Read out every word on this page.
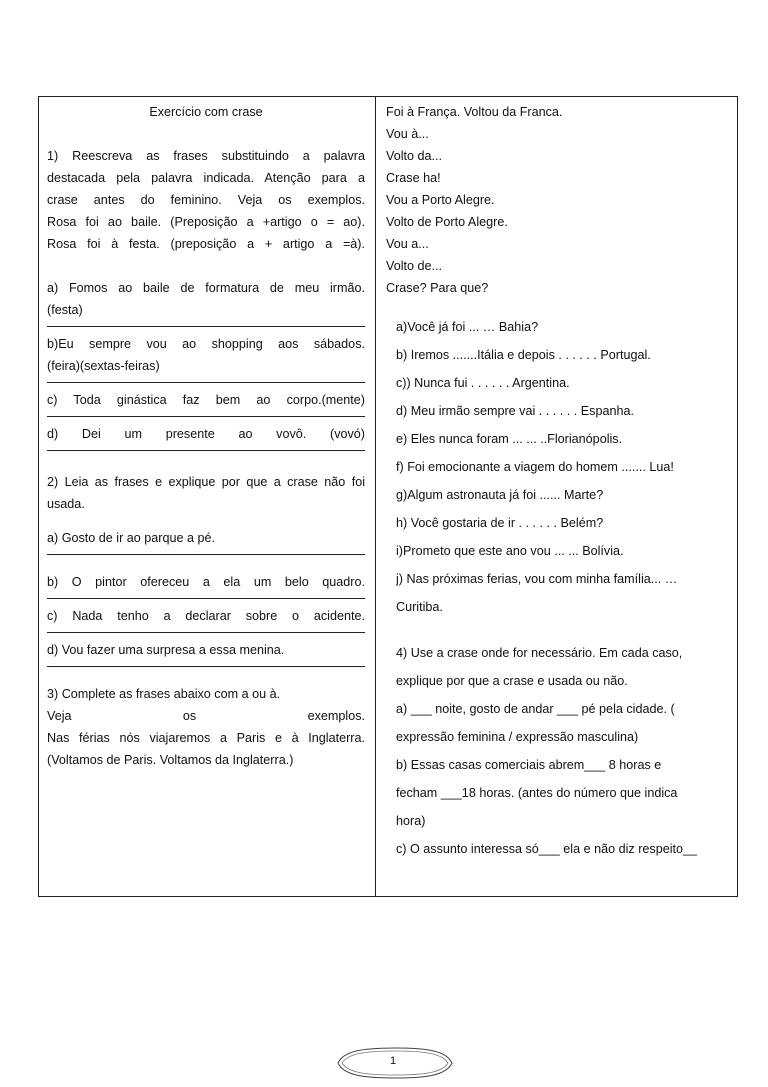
Exercício com crase
1) Reescreva as frases substituindo a palavra
destacada pela palavra indicada. Atenção para a
crase antes do feminino. Veja os exemplos.
Rosa foi ao baile. (Preposição a +artigo o = ao).
Rosa foi à festa. (preposição a + artigo a =à).
a) Fomos ao baile de formatura de meu irmão.
(festa)
b)Eu sempre vou ao shopping aos sábados.
(feira)(sextas-feiras)
c) Toda ginástica faz bem ao corpo.(mente)
d) Dei um presente ao vovô. (vovó)
2) Leia as frases e explique por que a crase não foi
usada.
a) Gosto de ir ao parque a pé.
b) O pintor ofereceu a ela um belo quadro.
c) Nada tenho a declarar sobre o acidente.
d) Vou fazer uma surpresa a essa menina.
3) Complete as frases abaixo com a ou à.
Veja os exemplos.
Nas férias nós viajaremos a Paris e à Inglaterra.
(Voltamos de Paris. Voltamos da Inglaterra.)
Foi à França. Voltou da Franca.
Vou à...
Volto da...
Crase ha!
Vou a Porto Alegre.
Volto de Porto Alegre.
Vou a...
Volto de...
Crase? Para que?
a)Você já foi ... … Bahia?
b) Iremos .......Itália e depois . . . . . . Portugal.
c)) Nunca fui . . . . . . Argentina.
d) Meu irmão sempre vai . . . . . . Espanha.
e) Eles nunca foram ... ... ..Florianópolis.
f) Foi emocionante a viagem do homem ....... Lua!
g)Algum astronauta já foi ...... Marte?
h) Você gostaria de ir . . . . . . Belém?
i)Prometo que este ano vou ... ... Bolívia.
j) Nas próximas ferias, vou com minha família... …
Curitiba.
4) Use a crase onde for necessário. Em cada caso,
explique por que a crase e usada ou não.
a) ___ noite, gosto de andar ___ pé pela cidade. (
expressão feminina / expressão masculina)
b) Essas casas comerciais abrem___ 8 horas e
fecham ___18 horas. (antes do número que indica
hora)
c) O assunto interessa só___ ela e não diz respeito__
1
